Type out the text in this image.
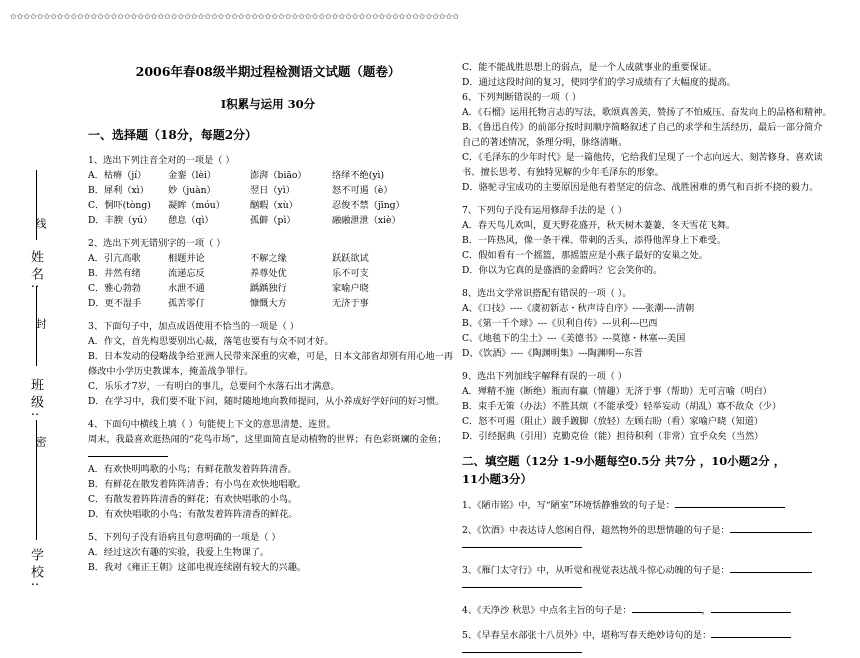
✩✩✩✩✩✩✩✩✩✩✩✩✩✩✩✩✩✩✩✩✩✩✩✩✩✩✩✩✩✩✩✩✩✩✩✩✩✩✩✩✩✩✩✩✩✩✩✩✩✩✩✩✩✩✩✩✩✩✩✩✩✩✩✩✩✩✩
姓名:
线
班级:
封
学校:
密
2006年春08级半期过程检测语文试题（题卷）
Ⅰ积累与运用 30分
一、选择题（18分，每题2分）
1、选出下列注音全对的一项是（ ）
A．枯瘠（jí）	金銮（lèi）	澎湃（biāo）	络绎不绝(yì)
B．犀利（xì）	妙（juàn）	翌日（yì）	怒不可遏（è）
C．恫吓(tòng)	凝眸（móu）	酗暇（xù）	忍俊不禁（jīng）
D．丰腴（yú）	憩息（qì）	孤僻（pì）	融融泄泄（xiè）
2、选出下列无错别字的一项（ ）
A．引亢高歌	相题并论	不解之缘	跃跃欲试
B．井然有绪	流递忘反	养尊处优	乐不可支
C．雅心勃勃	水泄不通	踽踽独行	家喻户晓
D．更不湿手	孤苦零仃	慷慨大方	无济于事
3、下面句子中，加点成语使用不恰当的一项是（ ）
A．作文，首先构思要别出心裁，落笔也要有与众不同才好。
B．日本发动的侵略战争给亚洲人民带来深重的灾难，可是，日本文部省却别有用心地一再
修改中小学历史教课本，掩盖战争罪行。
C．乐乐才7岁，一有明白的事儿，总要问个水落石出才满意。
D．在学习中，我们要不耻下问，随时随地地向教师提问，从小养成好学好问的好习惯。
4、下面句中横线上填（ ）句能使上下文的意思清楚、连贯。
周末，我最喜欢逛热闹的“花鸟市场”，这里面简直是动植物的世界；有色彩斑斓的金鱼；
A．有欢快明鸣歌的小鸟；有鲜花散发着阵阵清香。
B．有鲜花在散发着阵阵清香；有小鸟在欢快地唱歌。
C．有散发着阵阵清香的鲜花；有欢快唱歌的小鸟。
D．有欢快唱歌的小鸟；有散发着阵阵清香的鲜花。
5、下列句子没有语病且句意明确的一项是（ ）
A．经过这次有趣的实验，我爱上生物课了。
B．我对《雍正王朝》这部电视连续剧有较大的兴趣。
C．能不能战胜思想上的弱点，是一个人成就事业的重要保证。
D．通过这段时间的复习，使同学们的学习成绩有了大幅度的提高。
6、下列判断错误的一项（ ）
A．《石榴》运用托物言志的写法，歌颂真善美，赞扬了不怕威压、奋发向上的品格和精神。
B．《鲁迅自传》的前部分按时间顺序简略叙述了自己的求学和生活经历，最后一部分简介
自己的著述情况，条理分明，脉络清晰。
C．《毛泽东的少年时代》是一篇他传，它给我们呈现了一个志向远大、刻苦修身、喜欢读
书、擅长思考、有独特见解的少年毛泽东的形象。
D．骆驼寻宝成功的主要原因是他有着坚定的信念、战胜困难的勇气和百折不挠的毅力。
7、下列句子没有运用修辞手法的是（ ）
A．春天鸟儿欢叫，夏天野花盛开，秋天树木萋萋，冬天雪花飞舞。
B．一阵热风，像一条干裸、带刺的舌头，添得他浑身上下难受。
C．假如看有一个摇篮，那摇篮应是小燕子最好的安巢之处。
D．你以为它真的是盛酒的金爵吗？它会笑你的。
8、选出文学常识搭配有错误的一项（ ）。
A、《口技》----《虞初新志・秋声诗自序》----张潮----清朝
B、《第一千个球》---《贝利自传》---贝利---巴西
C、《地毯下的尘土》---《美德书》---莫德・林塞---美国
D、《饮酒》----《陶渊明集》---陶渊明---东晋
9、选出下列加线字解释有误的一项（ ）
A．殚精不施（断绝）瓶而有赢（情趣）无济于事（帮助）无可言喻（明白）
B．束手无策（办法）不胜其烦（不能承受）轻举妄动（胡乱）寡不敌众（少）
C．怒不可遏（阻止）踱手踱脚（放轻）左顾右盼（看）家喻户晓（知道）
D．引经据典（引用）克勤克俭（能）担待积利（非常）宜乎众矣（当然）
二、填空题（12分 1-9小题每空0.5分 共7分 ，10小题2分 ，
11小题3分）
1、《陋市铭》中，写“陋室”环境恬静雅致的句子是：
2、《饮酒》中表达诗人悠闲自得，超然物外的思想情趣的句子是：

3、《雁门太守行》中，从听觉和视觉表达战斗惊心动魄的句子是：

4、《天净沙 秋思》中点名主旨的句子是：	，
5、《早春呈水部张十八员外》中，堪称写春天绝妙诗句的是：
